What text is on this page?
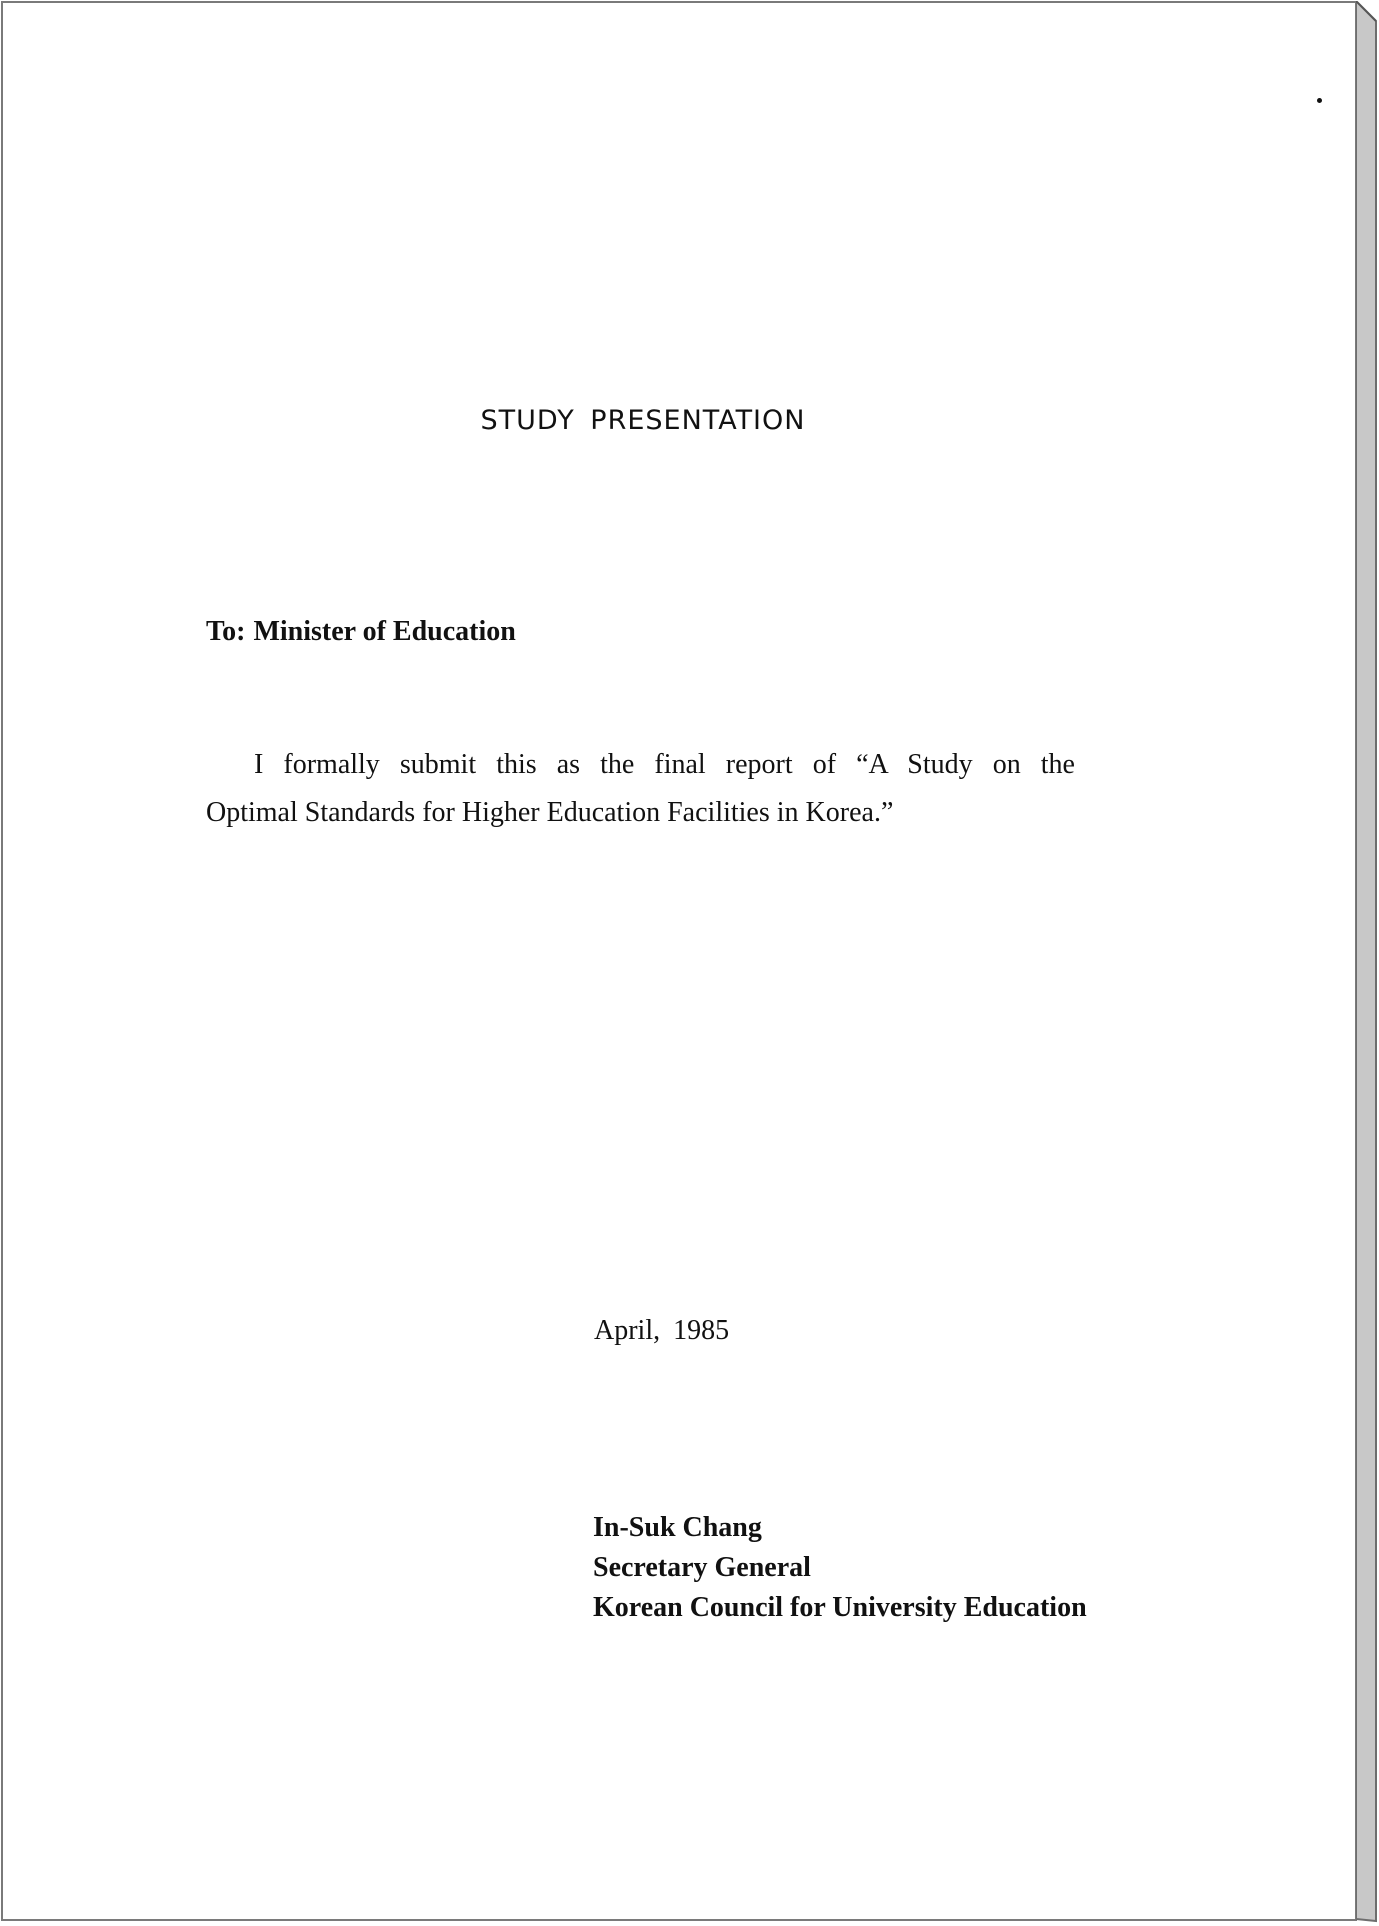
STUDY PRESENTATION
To: Minister of Education
I formally submit this as the final report of “A Study on the
Optimal Standards for Higher Education Facilities in Korea.”
April, 1985
In-Suk Chang
Secretary General
Korean Council for University Education
